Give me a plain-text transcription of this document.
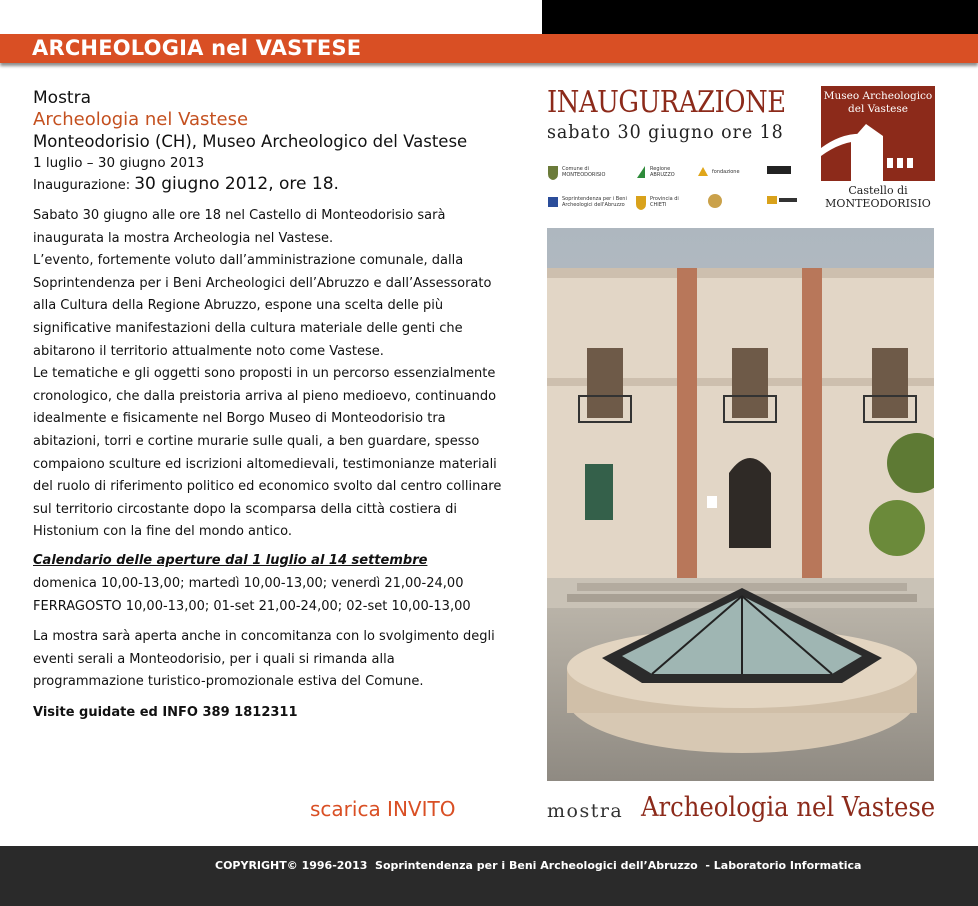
ARCHEOLOGIA nel VASTESE
Mostra
Archeologia nel Vastese
Monteodorisio (CH), Museo Archeologico del Vastese
1 luglio – 30 giugno 2013
Inaugurazione: 30 giugno 2012, ore 18.
Sabato 30 giugno alle ore 18 nel Castello di Monteodorisio sarà inaugurata la mostra Archeologia nel Vastese.
L’evento, fortemente voluto dall’amministrazione comunale, dalla Soprintendenza per i Beni Archeologici dell’Abruzzo e dall’Assessorato alla Cultura della Regione Abruzzo, espone una scelta delle più significative manifestazioni della cultura materiale delle genti che abitarono il territorio attualmente noto come Vastese.
Le tematiche e gli oggetti sono proposti in un percorso essenzialmente cronologico, che dalla preistoria arriva al pieno medioevo, continuando idealmente e fisicamente nel Borgo Museo di Monteodorisio tra abitazioni, torri e cortine murarie sulle quali, a ben guardare, spesso compaiono sculture ed iscrizioni altomedievali, testimonianze materiali del ruolo di riferimento politico ed economico svolto dal centro collinare sul territorio circostante dopo la scomparsa della città costiera di Histonium con la fine del mondo antico.
Calendario delle aperture dal 1 luglio al 14 settembre
domenica 10,00-13,00; martedì 10,00-13,00; venerdì 21,00-24,00
FERRAGOSTO 10,00-13,00; 01-set 21,00-24,00; 02-set 10,00-13,00
La mostra sarà aperta anche in concomitanza con lo svolgimento degli eventi serali a Monteodorisio, per i quali si rimanda alla programmazione turistico-promozionale estiva del Comune.
Visite guidate ed INFO 389 1812311
scarica INVITO
INAUGURAZIONE
sabato 30 giugno ore 18
Museo Archeologico del Vastese
Castello di MONTEODORISIO
Comune di MONTEODORISIO
Regione ABRUZZO	fondazione
Soprintendenza per i Beni Archeologici dell'Abruzzo
Provincia di CHIETI
mostra Archeologia nel Vastese
COPYRIGHT© 1996-2013  Soprintendenza per i Beni Archeologici dell’Abruzzo  - Laboratorio Informatica
